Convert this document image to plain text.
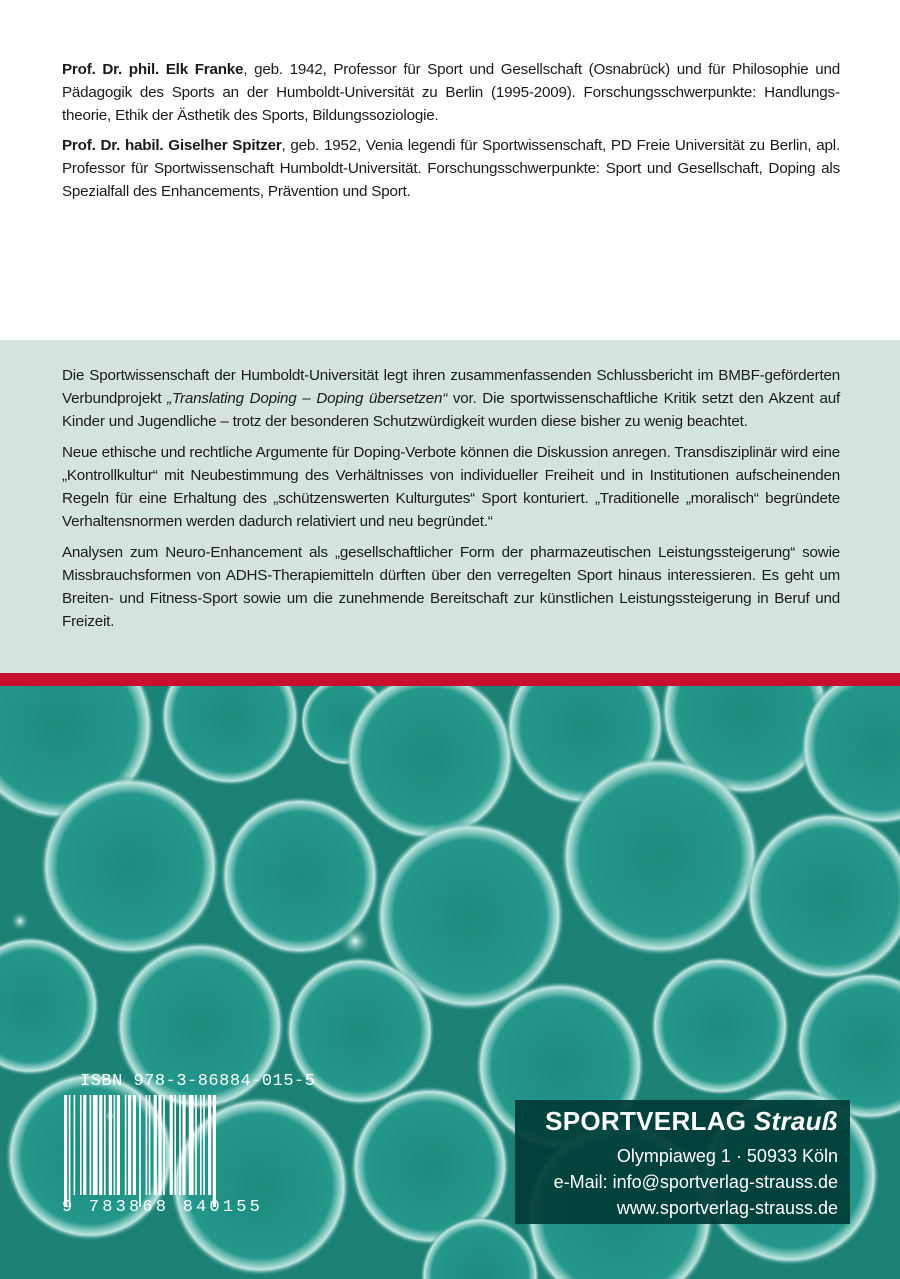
Prof. Dr. phil. Elk Franke, geb. 1942, Professor für Sport und Gesellschaft (Osnabrück) und für Philosophie und Pädagogik des Sports an der Humboldt-Universität zu Berlin (1995-2009). Forschungsschwerpunkte: Handlungstheorie, Ethik der Ästhetik des Sports, Bildungssoziologie.

Prof. Dr. habil. Giselher Spitzer, geb. 1952, Venia legendi für Sportwissenschaft, PD Freie Universität zu Berlin, apl. Professor für Sportwissenschaft Humboldt-Universität. Forschungsschwerpunkte: Sport und Gesellschaft, Doping als Spezialfall des Enhancements, Prävention und Sport.

Die Sportwissenschaft der Humboldt-Universität legt ihren zusammenfassenden Schlussbericht im BMBF-geförderten Verbundprojekt „Translating Doping – Doping übersetzen“ vor. Die sportwissenschaftliche Kritik setzt den Akzent auf Kinder und Jugendliche – trotz der besonderen Schutzwürdigkeit wurden diese bisher zu wenig beachtet.

Neue ethische und rechtliche Argumente für Doping-Verbote können die Diskussion anregen. Transdisziplinär wird eine „Kontrollkultur“ mit Neubestimmung des Verhältnisses von individueller Freiheit und in Institutionen aufscheinenden Regeln für eine Erhaltung des „schützenswerten Kulturgutes“ Sport konturiert. „Traditionelle „moralisch“ begründete Verhaltensnormen werden dadurch relativiert und neu begründet.“

Analysen zum Neuro-Enhancement als „gesellschaftlicher Form der pharmazeutischen Leistungssteigerung“ sowie Missbrauchsformen von ADHS-Therapiemitteln dürften über den verregelten Sport hinaus interessieren. Es geht um Breiten- und Fitness-Sport sowie um die zunehmende Bereitschaft zur künstlichen Leistungssteigerung in Beruf und Freizeit.

ISBN 978-3-86884-015-5
9 783868 840155
SPORTVERLAG Strauß
Olympiaweg 1 · 50933 Köln
e-Mail: info@sportverlag-strauss.de
www.sportverlag-strauss.de
